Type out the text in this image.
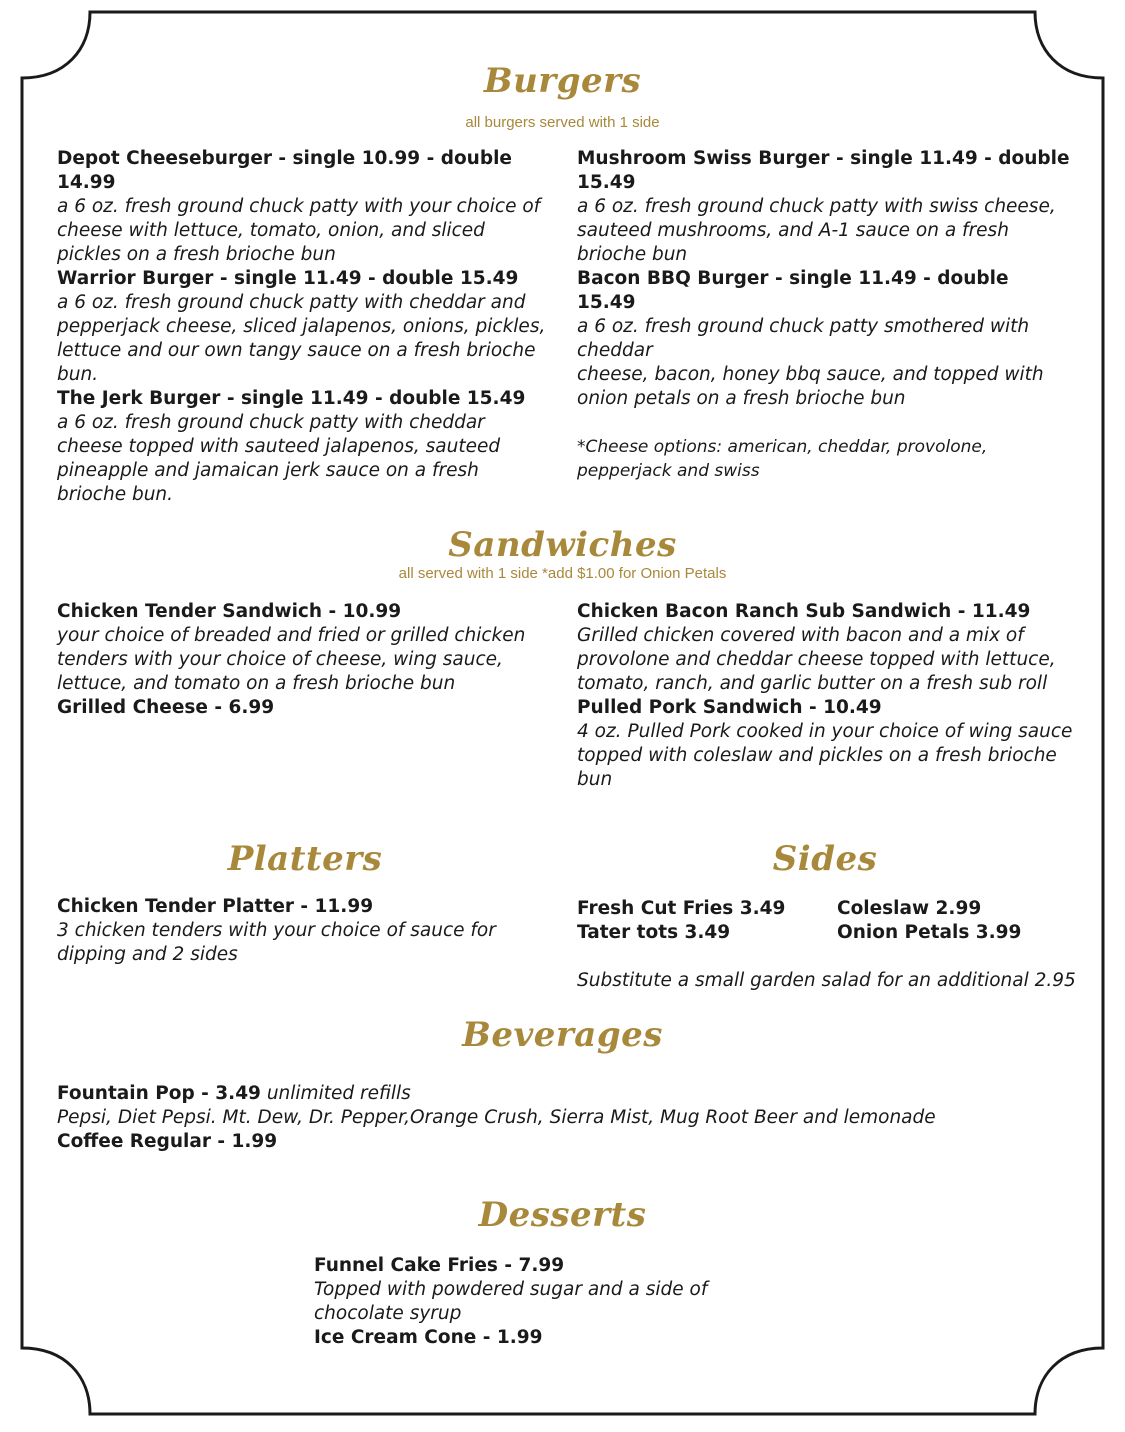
Burgers
all burgers served with 1 side
Depot Cheeseburger - single 10.99 - double 14.99
a 6 oz. fresh ground chuck patty with your choice of cheese with lettuce, tomato, onion, and sliced pickles on a fresh brioche bun
Warrior Burger - single 11.49 - double 15.49
a 6 oz. fresh ground chuck patty with cheddar and pepperjack cheese, sliced jalapenos, onions, pickles, lettuce and our own tangy sauce on a fresh brioche bun.
The Jerk Burger - single 11.49 - double 15.49
a 6 oz. fresh ground chuck patty with cheddar cheese topped with sauteed jalapenos, sauteed pineapple and jamaican jerk sauce on a fresh brioche bun.
Mushroom Swiss Burger - single 11.49 - double 15.49
a 6 oz. fresh ground chuck patty with swiss cheese, sauteed mushrooms, and A-1 sauce on a fresh brioche bun
Bacon BBQ Burger - single 11.49 - double 15.49
a 6 oz. fresh ground chuck patty smothered with cheddar
cheese, bacon, honey bbq sauce, and topped with onion petals on a fresh brioche bun
*Cheese options: american, cheddar, provolone, pepperjack and swiss
Sandwiches
all served with 1 side *add $1.00 for Onion Petals
Chicken Tender Sandwich - 10.99
your choice of breaded and fried or grilled chicken tenders with your choice of cheese, wing sauce, lettuce, and tomato on a fresh brioche bun
Grilled Cheese - 6.99
Chicken Bacon Ranch Sub Sandwich - 11.49
Grilled chicken covered with bacon and a mix of provolone and cheddar cheese topped with lettuce, tomato, ranch, and garlic butter on a fresh sub roll
Pulled Pork Sandwich - 10.49
4 oz. Pulled Pork cooked in your choice of wing sauce topped with coleslaw and pickles on a fresh brioche bun
Platters
Chicken Tender Platter - 11.99
3 chicken tenders with your choice of sauce for dipping and 2 sides
Sides
Fresh Cut Fries 3.49
Tater tots 3.49
Coleslaw 2.99
Onion Petals 3.99
Substitute a small garden salad for an additional 2.95
Beverages
Fountain Pop - 3.49 unlimited refills
Pepsi, Diet Pepsi. Mt. Dew, Dr. Pepper,Orange Crush, Sierra Mist, Mug Root Beer and lemonade
Coffee Regular - 1.99
Desserts
Funnel Cake Fries - 7.99
Topped with powdered sugar and a side of chocolate syrup
Ice Cream Cone - 1.99
